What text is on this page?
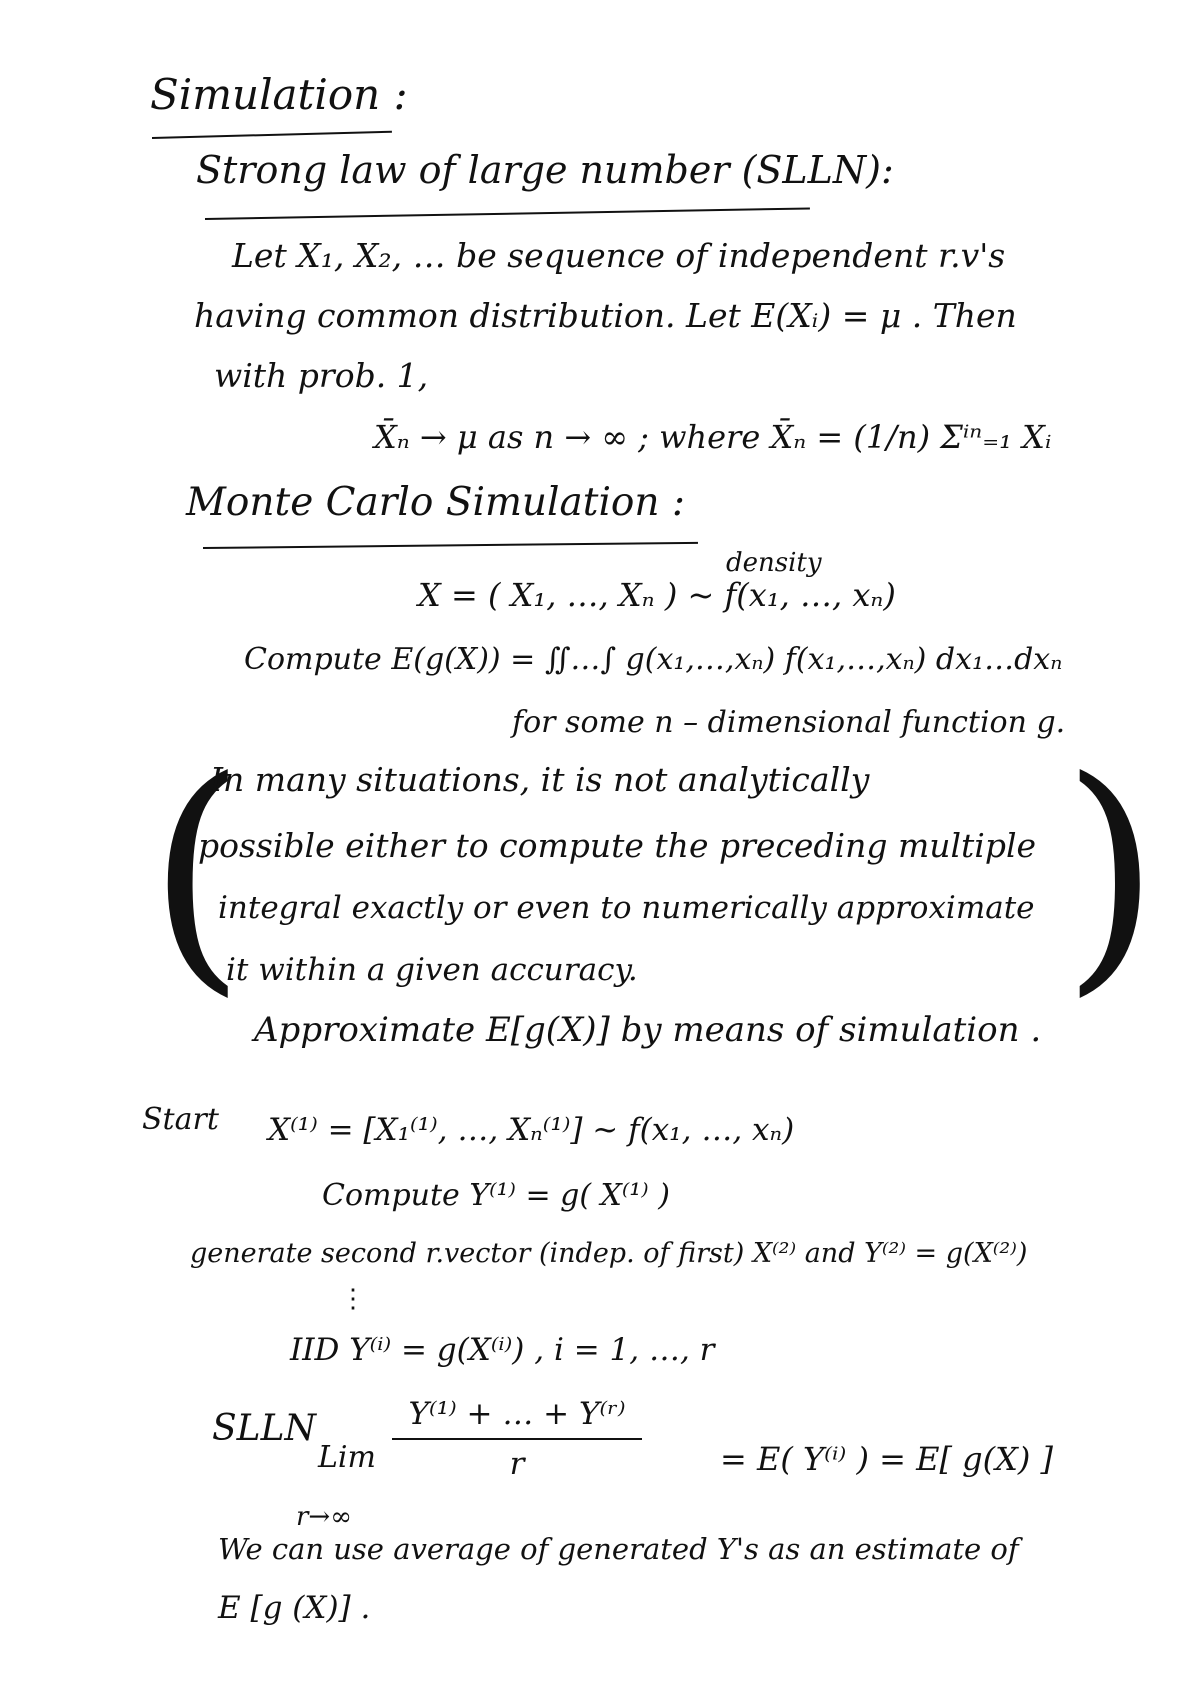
Simulation :
Strong law of large number (SLLN):
Let X₁, X₂, … be sequence of independent r.v's
having common distribution. Let E(Xᵢ) = μ . Then
with prob. 1,
X̄ₙ → μ as n → ∞ ; where X̄ₙ = (1/n) Σⁱⁿ₌₁ Xᵢ
Monte Carlo Simulation :
density
X = ( X₁, …, Xₙ ) ~ f(x₁, …, xₙ)
Compute E(g(X)) = ∬…∫ g(x₁,…,xₙ) f(x₁,…,xₙ) dx₁…dxₙ
for some n – dimensional function g.
(	)
In many situations, it is not analytically
possible either to compute the preceding multiple
integral exactly or even to numerically approximate
it within a given accuracy.
Approximate E[g(X)] by means of simulation .
Start X⁽¹⁾ = [X₁⁽¹⁾, …, Xₙ⁽¹⁾] ~ f(x₁, …, xₙ)
Compute Y⁽¹⁾ = g( X⁽¹⁾ )
generate second r.vector (indep. of first) X⁽²⁾ and Y⁽²⁾ = g(X⁽²⁾)
⋮
IID Y⁽ⁱ⁾ = g(X⁽ⁱ⁾) , i = 1, …, r
SLLN
Lim
r→∞
Y⁽¹⁾ + … + Y⁽ʳ⁾
r	= E( Y⁽ⁱ⁾ ) = E[ g(X) ]
We can use average of generated Y's as an estimate of
E [g (X)] .
